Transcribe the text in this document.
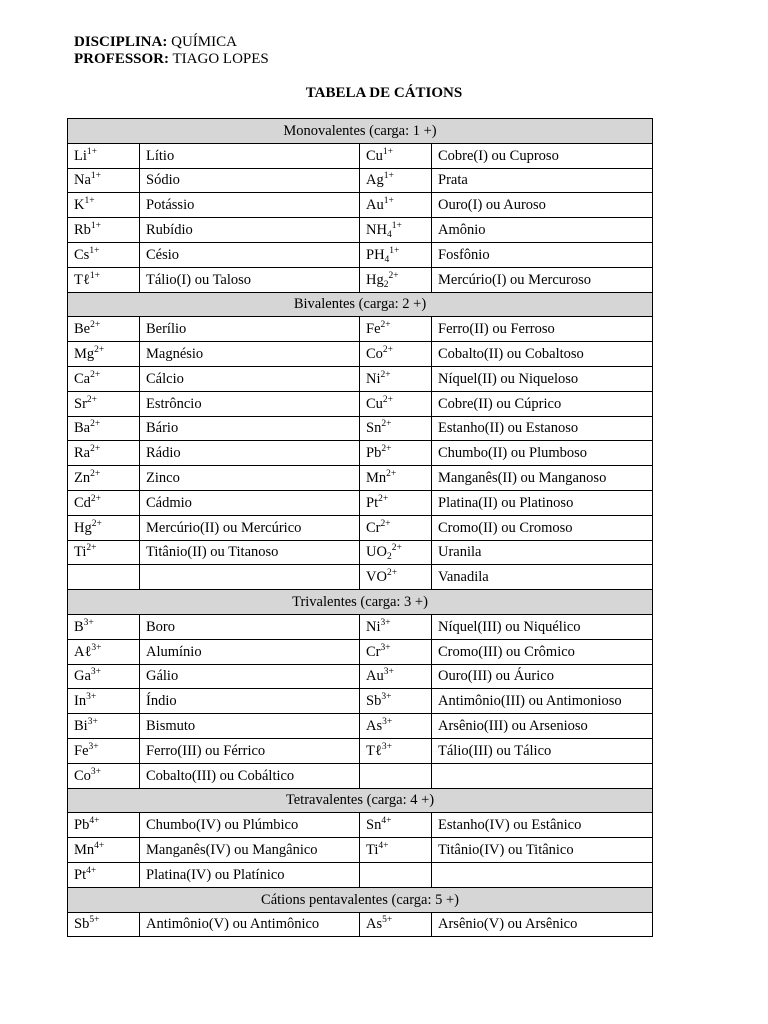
DISCIPLINA: QUÍMICA
PROFESSOR: TIAGO LOPES
TABELA DE CÁTIONS
Monovalentes (carga: 1 +)			
$Li^{1+}$	Lítio	$Cu^{1+}$	Cobre(I) ou Cuproso
$Na^{1+}$	Sódio	$Ag^{1+}$	Prata
$K^{1+}$	Potássio	$Au^{1+}$	Ouro(I) ou Auroso
$Rb^{1+}$	Rubídio	$NH_4^{1+}$	Amônio
$Cs^{1+}$	Césio	$PH_4^{1+}$	Fosfônio
Tℓ$^{1+}$	Tálio(I) ou Taloso	$Hg_2^{2+}$	Mercúrio(I) ou Mercuroso
Bivalentes (carga: 2 +)			
$Be^{2+}$	Berílio	$Fe^{2+}$	Ferro(II) ou Ferroso
$Mg^{2+}$	Magnésio	$Co^{2+}$	Cobalto(II) ou Cobaltoso
$Ca^{2+}$	Cálcio	$Ni^{2+}$	Níquel(II) ou Niqueloso
$Sr^{2+}$	Estrôncio	$Cu^{2+}$	Cobre(II) ou Cúprico
$Ba^{2+}$	Bário	$Sn^{2+}$	Estanho(II) ou Estanoso
$Ra^{2+}$	Rádio	$Pb^{2+}$	Chumbo(II) ou Plumboso
$Zn^{2+}$	Zinco	$Mn^{2+}$	Manganês(II) ou Manganoso
$Cd^{2+}$	Cádmio	$Pt^{2+}$	Platina(II) ou Platinoso
$Hg^{2+}$	Mercúrio(II) ou Mercúrico	$Cr^{2+}$	Cromo(II) ou Cromoso
$Ti^{2+}$	Titânio(II) ou Titanoso	$UO_2^{2+}$	Uranila
		$VO^{2+}$	Vanadila
Trivalentes (carga: 3 +)			
$B^{3+}$	Boro	$Ni^{3+}$	Níquel(III) ou Niquélico
Aℓ$^{3+}$	Alumínio	$Cr^{3+}$	Cromo(III) ou Crômico
$Ga^{3+}$	Gálio	$Au^{3+}$	Ouro(III) ou Áurico
$In^{3+}$	Índio	$Sb^{3+}$	Antimônio(III) ou Antimonioso
$Bi^{3+}$	Bismuto	$As^{3+}$	Arsênio(III) ou Arsenioso
$Fe^{3+}$	Ferro(III) ou Férrico	Tℓ$^{3+}$	Tálio(III) ou Tálico
$Co^{3+}$	Cobalto(III) ou Cobáltico		
Tetravalentes (carga: 4 +)			
$Pb^{4+}$	Chumbo(IV) ou Plúmbico	$Sn^{4+}$	Estanho(IV) ou Estânico
$Mn^{4+}$	Manganês(IV) ou Mangânico	$Ti^{4+}$	Titânio(IV) ou Titânico
$Pt^{4+}$	Platina(IV) ou Platínico		
Cátions pentavalentes (carga: 5 +)			
$Sb^{5+}$	Antimônio(V) ou Antimônico	$As^{5+}$	Arsênio(V) ou Arsênico
